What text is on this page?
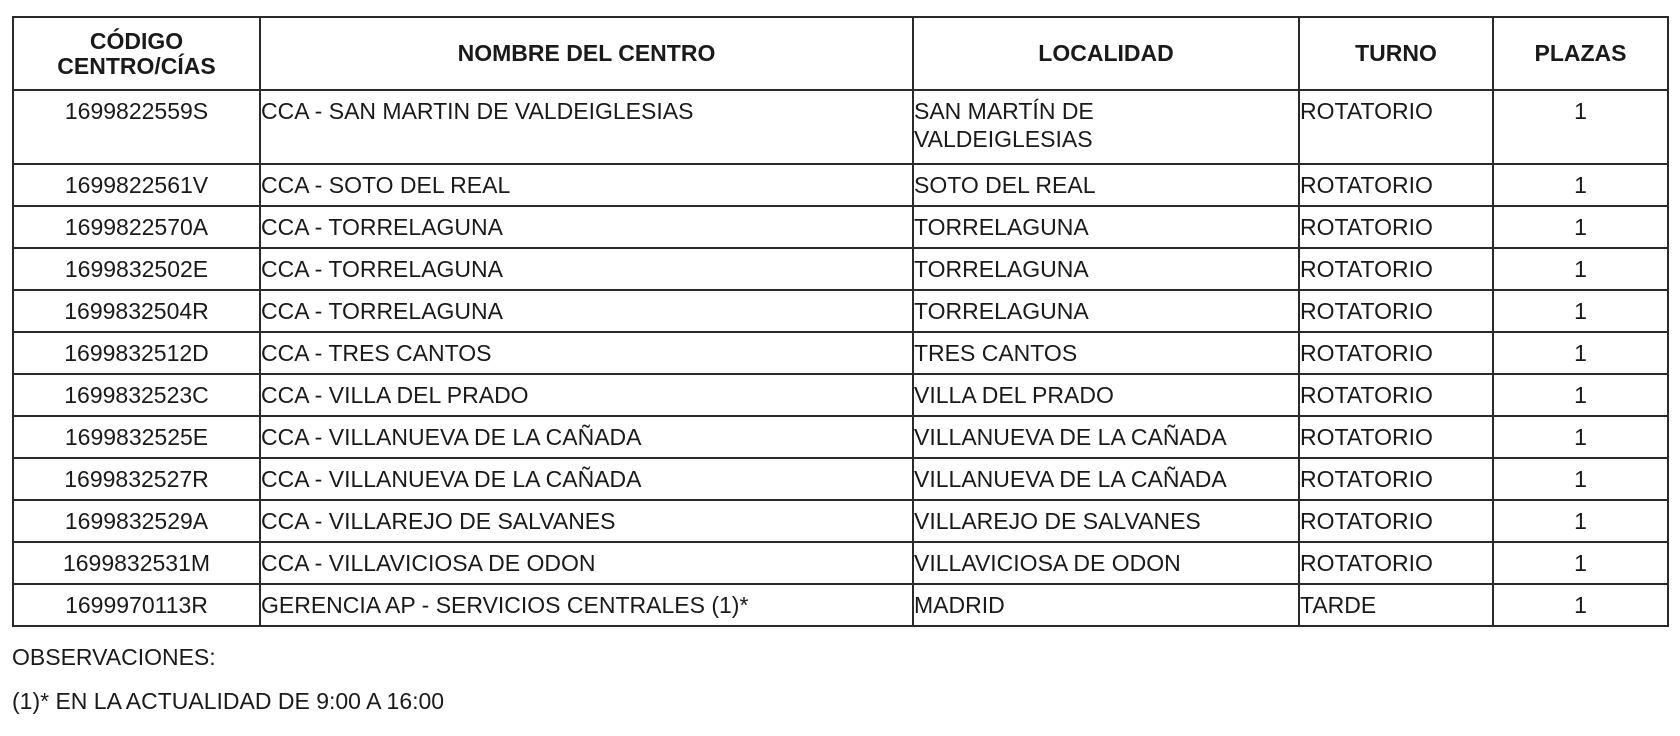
CÓDIGO
CENTRO/CÍAS	NOMBRE DEL CENTRO	LOCALIDAD	TURNO	PLAZAS
1699822559S	CCA - SAN MARTIN DE VALDEIGLESIAS	SAN MARTÍN DE VALDEIGLESIAS	ROTATORIO	1
1699822561V	CCA - SOTO DEL REAL	SOTO DEL REAL	ROTATORIO	1
1699822570A	CCA - TORRELAGUNA	TORRELAGUNA	ROTATORIO	1
1699832502E	CCA - TORRELAGUNA	TORRELAGUNA	ROTATORIO	1
1699832504R	CCA - TORRELAGUNA	TORRELAGUNA	ROTATORIO	1
1699832512D	CCA - TRES CANTOS	TRES CANTOS	ROTATORIO	1
1699832523C	CCA - VILLA DEL PRADO	VILLA DEL PRADO	ROTATORIO	1
1699832525E	CCA - VILLANUEVA DE LA CAÑADA	VILLANUEVA DE LA CAÑADA	ROTATORIO	1
1699832527R	CCA - VILLANUEVA DE LA CAÑADA	VILLANUEVA DE LA CAÑADA	ROTATORIO	1
1699832529A	CCA - VILLAREJO DE SALVANES	VILLAREJO DE SALVANES	ROTATORIO	1
1699832531M	CCA - VILLAVICIOSA DE ODON	VILLAVICIOSA DE ODON	ROTATORIO	1
1699970113R	GERENCIA AP - SERVICIOS CENTRALES (1)*	MADRID	TARDE	1

OBSERVACIONES:

(1)* EN LA ACTUALIDAD DE 9:00 A 16:00
